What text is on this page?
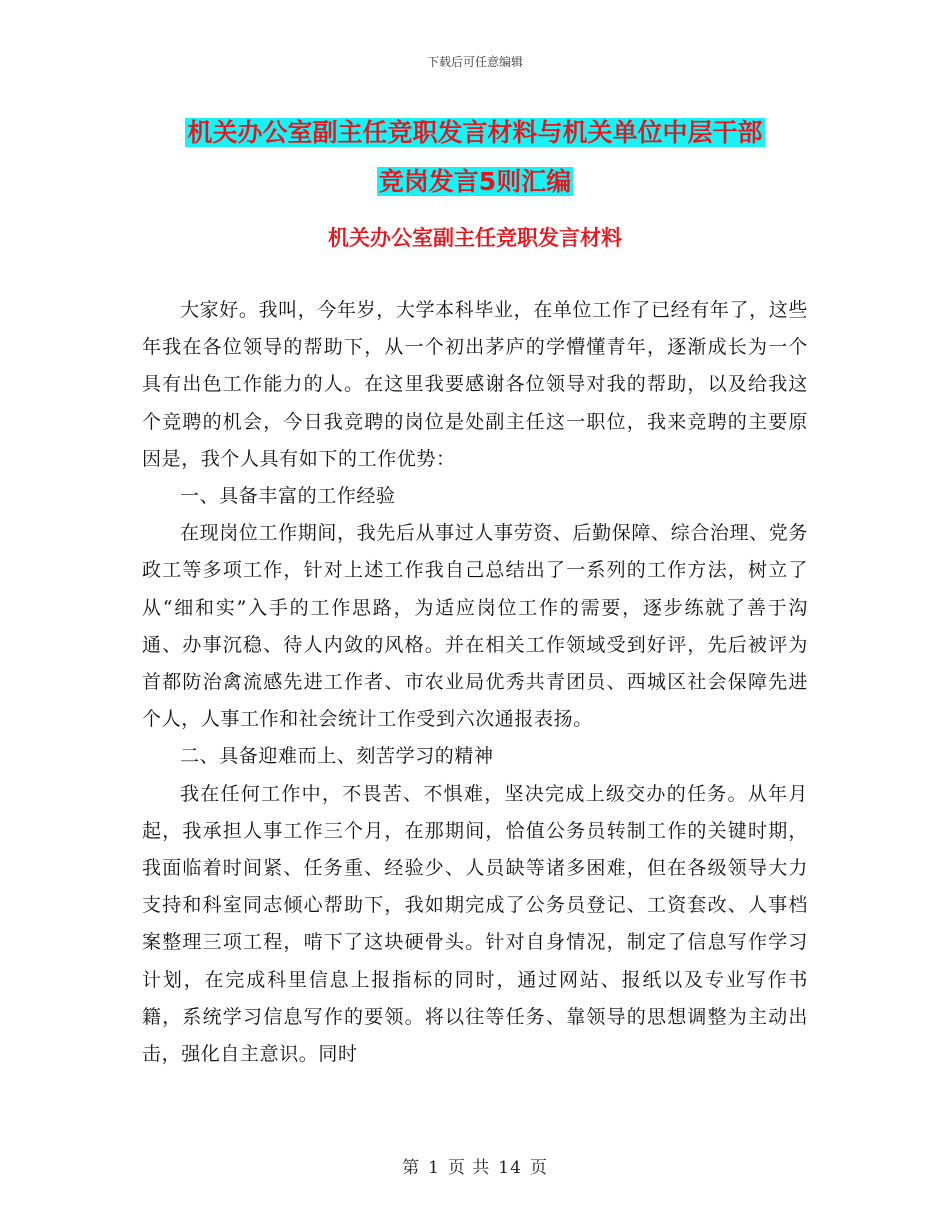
下载后可任意编辑
机关办公室副主任竞职发言材料与机关单位中层干部
竞岗发言5则汇编
机关办公室副主任竞职发言材料

大家好。我叫，今年岁，大学本科毕业，在单位工作了已经有年了，这些年我在各位领导的帮助下，从一个初出茅庐的学懵懂青年，逐渐成长为一个具有出色工作能力的人。在这里我要感谢各位领导对我的帮助，以及给我这个竞聘的机会，今日我竞聘的岗位是处副主任这一职位，我来竞聘的主要原因是，我个人具有如下的工作优势：

一、具备丰富的工作经验

在现岗位工作期间，我先后从事过人事劳资、后勤保障、综合治理、党务政工等多项工作，针对上述工作我自己总结出了一系列的工作方法，树立了从“细和实”入手的工作思路，为适应岗位工作的需要，逐步练就了善于沟通、办事沉稳、待人内敛的风格。并在相关工作领域受到好评，先后被评为首都防治禽流感先进工作者、市农业局优秀共青团员、西城区社会保障先进个人，人事工作和社会统计工作受到六次通报表扬。

二、具备迎难而上、刻苦学习的精神

我在任何工作中，不畏苦、不惧难，坚决完成上级交办的任务。从年月起，我承担人事工作三个月，在那期间，恰值公务员转制工作的关键时期，我面临着时间紧、任务重、经验少、人员缺等诸多困难，但在各级领导大力支持和科室同志倾心帮助下，我如期完成了公务员登记、工资套改、人事档案整理三项工程，啃下了这块硬骨头。针对自身情况，制定了信息写作学习计划，在完成科里信息上报指标的同时，通过网站、报纸以及专业写作书籍，系统学习信息写作的要领。将以往等任务、靠领导的思想调整为主动出击，强化自主意识。同时

第 1 页 共 14 页
